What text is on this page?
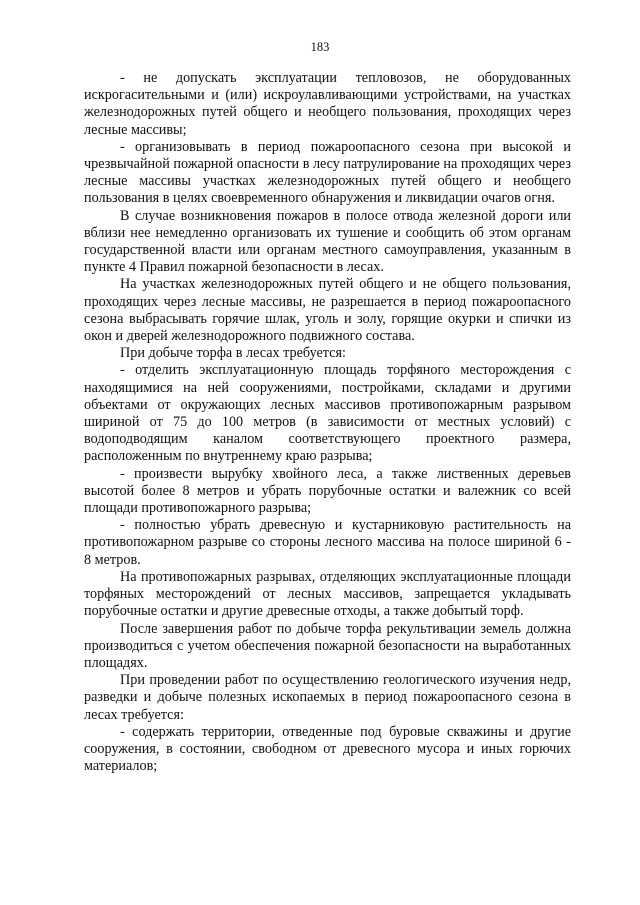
183

- не допускать эксплуатации тепловозов, не оборудованных искрогасительными и (или) искроулавливающими устройствами, на участках железнодорожных путей общего и необщего пользования, проходящих через лесные массивы;

- организовывать в период пожароопасного сезона при высокой и чрезвычайной пожарной опасности в лесу патрулирование на проходящих через лесные массивы участках железнодорожных путей общего и необщего пользования в целях своевременного обнаружения и ликвидации очагов огня.

В случае возникновения пожаров в полосе отвода железной дороги или вблизи нее немедленно организовать их тушение и сообщить об этом органам государственной власти или органам местного самоуправления, указанным в пункте 4 Правил пожарной безопасности в лесах.

На участках железнодорожных путей общего и не общего пользования, проходящих через лесные массивы, не разрешается в период пожароопасного сезона выбрасывать горячие шлак, уголь и золу, горящие окурки и спички из окон и дверей железнодорожного подвижного состава.

При добыче торфа в лесах требуется:

- отделить эксплуатационную площадь торфяного месторождения с находящимися на ней сооружениями, постройками, складами и другими объектами от окружающих лесных массивов противопожарным разрывом шириной от 75 до 100 метров (в зависимости от местных условий) с водоподводящим каналом соответствующего проектного размера, расположенным по внутреннему краю разрыва;

- произвести вырубку хвойного леса, а также лиственных деревьев высотой более 8 метров и убрать порубочные остатки и валежник со всей площади противопожарного разрыва;

- полностью убрать древесную и кустарниковую растительность на противопожарном разрыве со стороны лесного массива на полосе шириной 6 - 8 метров.

На противопожарных разрывах, отделяющих эксплуатационные площади торфяных месторождений от лесных массивов, запрещается укладывать порубочные остатки и другие древесные отходы, а также добытый торф.

После завершения работ по добыче торфа рекультивации земель должна производиться с учетом обеспечения пожарной безопасности на выработанных площадях.

При проведении работ по осуществлению геологического изучения недр, разведки и добыче полезных ископаемых в период пожароопасного сезона в лесах требуется:

- содержать территории, отведенные под буровые скважины и другие сооружения, в состоянии, свободном от древесного мусора и иных горючих материалов;
